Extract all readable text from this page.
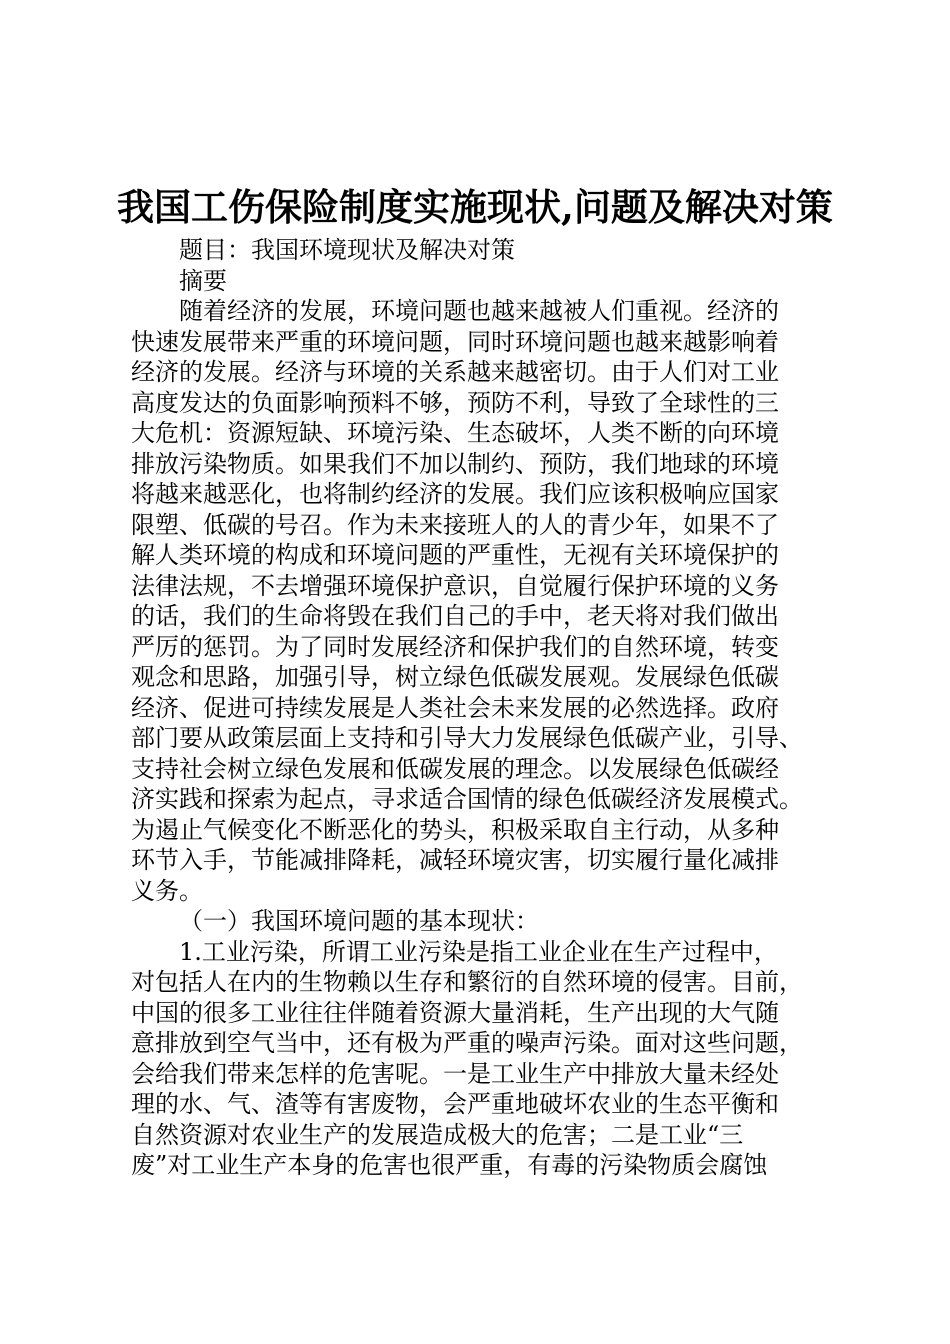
我国工伤保险制度实施现状,问题及解决对策
题目：我国环境现状及解决对策
摘要
随着经济的发展，环境问题也越来越被人们重视。经济的
快速发展带来严重的环境问题，同时环境问题也越来越影响着
经济的发展。经济与环境的关系越来越密切。由于人们对工业
高度发达的负面影响预料不够，预防不利，导致了全球性的三
大危机：资源短缺、环境污染、生态破坏，人类不断的向环境
排放污染物质。如果我们不加以制约、预防，我们地球的环境
将越来越恶化，也将制约经济的发展。我们应该积极响应国家
限塑、低碳的号召。作为未来接班人的人的青少年，如果不了
解人类环境的构成和环境问题的严重性，无视有关环境保护的
法律法规，不去增强环境保护意识，自觉履行保护环境的义务
的话，我们的生命将毁在我们自己的手中，老天将对我们做出
严厉的惩罚。为了同时发展经济和保护我们的自然环境，转变
观念和思路，加强引导，树立绿色低碳发展观。发展绿色低碳
经济、促进可持续发展是人类社会未来发展的必然选择。政府
部门要从政策层面上支持和引导大力发展绿色低碳产业，引导、
支持社会树立绿色发展和低碳发展的理念。以发展绿色低碳经
济实践和探索为起点，寻求适合国情的绿色低碳经济发展模式。
为遏止气候变化不断恶化的势头，积极采取自主行动，从多种
环节入手，节能减排降耗，减轻环境灾害，切实履行量化减排
义务。
（一）我国环境问题的基本现状：
1.工业污染，所谓工业污染是指工业企业在生产过程中，
对包括人在内的生物赖以生存和繁衍的自然环境的侵害。目前，
中国的很多工业往往伴随着资源大量消耗，生产出现的大气随
意排放到空气当中，还有极为严重的噪声污染。面对这些问题，
会给我们带来怎样的危害呢。一是工业生产中排放大量未经处
理的水、气、渣等有害废物，会严重地破坏农业的生态平衡和
自然资源对农业生产的发展造成极大的危害；二是工业“三
废”对工业生产本身的危害也很严重，有毒的污染物质会腐蚀
